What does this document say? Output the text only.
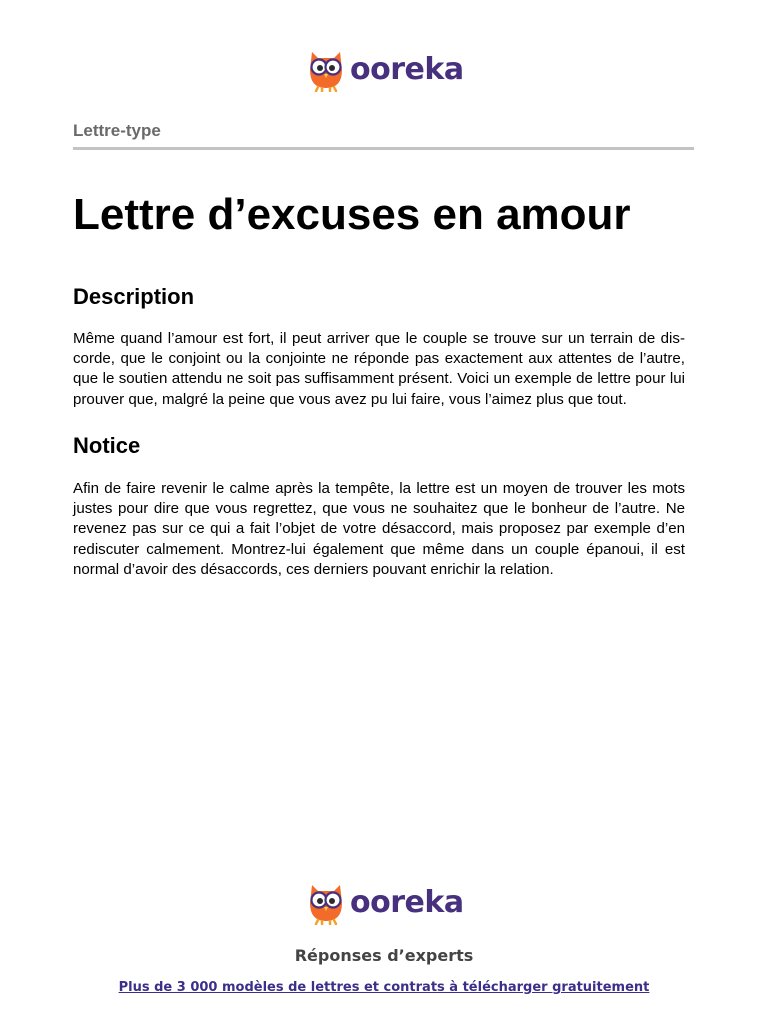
ooreka
Lettre-type
Lettre d’excuses en amour
Description

Même quand l’amour est fort, il peut arriver que le couple se trouve sur un terrain de discorde, que le conjoint ou la conjointe ne réponde pas exactement aux attentes de l’autre, que le soutien attendu ne soit pas suffisamment présent. Voici un exemple de lettre pour lui prouver que, malgré la peine que vous avez pu lui faire, vous l’aimez plus que tout.

Notice

Afin de faire revenir le calme après la tempête, la lettre est un moyen de trouver les mots justes pour dire que vous regrettez, que vous ne souhaitez que le bonheur de l’autre. Ne revenez pas sur ce qui a fait l’objet de votre désaccord, mais proposez par exemple d’en rediscuter calmement. Montrez-lui également que même dans un couple épanoui, il est normal d’avoir des désaccords, ces derniers pouvant enrichir la relation.

ooreka
Réponses d’experts
Plus de 3 000 modèles de lettres et contrats à télécharger gratuitement
